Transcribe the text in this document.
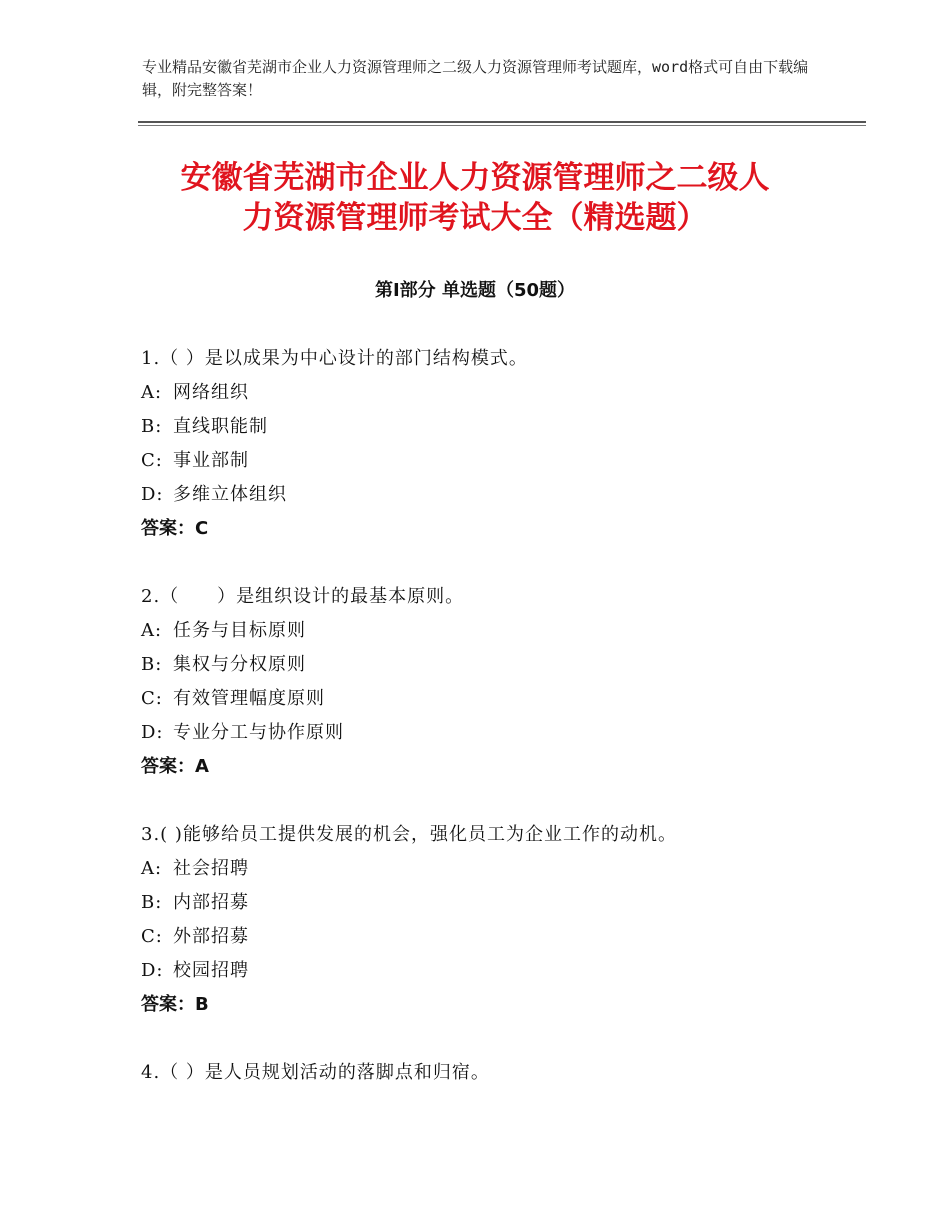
专业精品安徽省芜湖市企业人力资源管理师之二级人力资源管理师考试题库，word格式可自由下载编辑，附完整答案！
安徽省芜湖市企业人力资源管理师之二级人
力资源管理师考试大全（精选题）
第Ⅰ部分 单选题（50题）
1.（ ）是以成果为中心设计的部门结构模式。
A: 网络组织
B: 直线职能制
C: 事业部制
D: 多维立体组织
答案：C
2.（　　）是组织设计的最基本原则。
A: 任务与目标原则
B: 集权与分权原则
C: 有效管理幅度原则
D: 专业分工与协作原则
答案：A
3.( )能够给员工提供发展的机会，强化员工为企业工作的动机。
A: 社会招聘
B: 内部招募
C: 外部招募
D: 校园招聘
答案：B
4.（ ）是人员规划活动的落脚点和归宿。
